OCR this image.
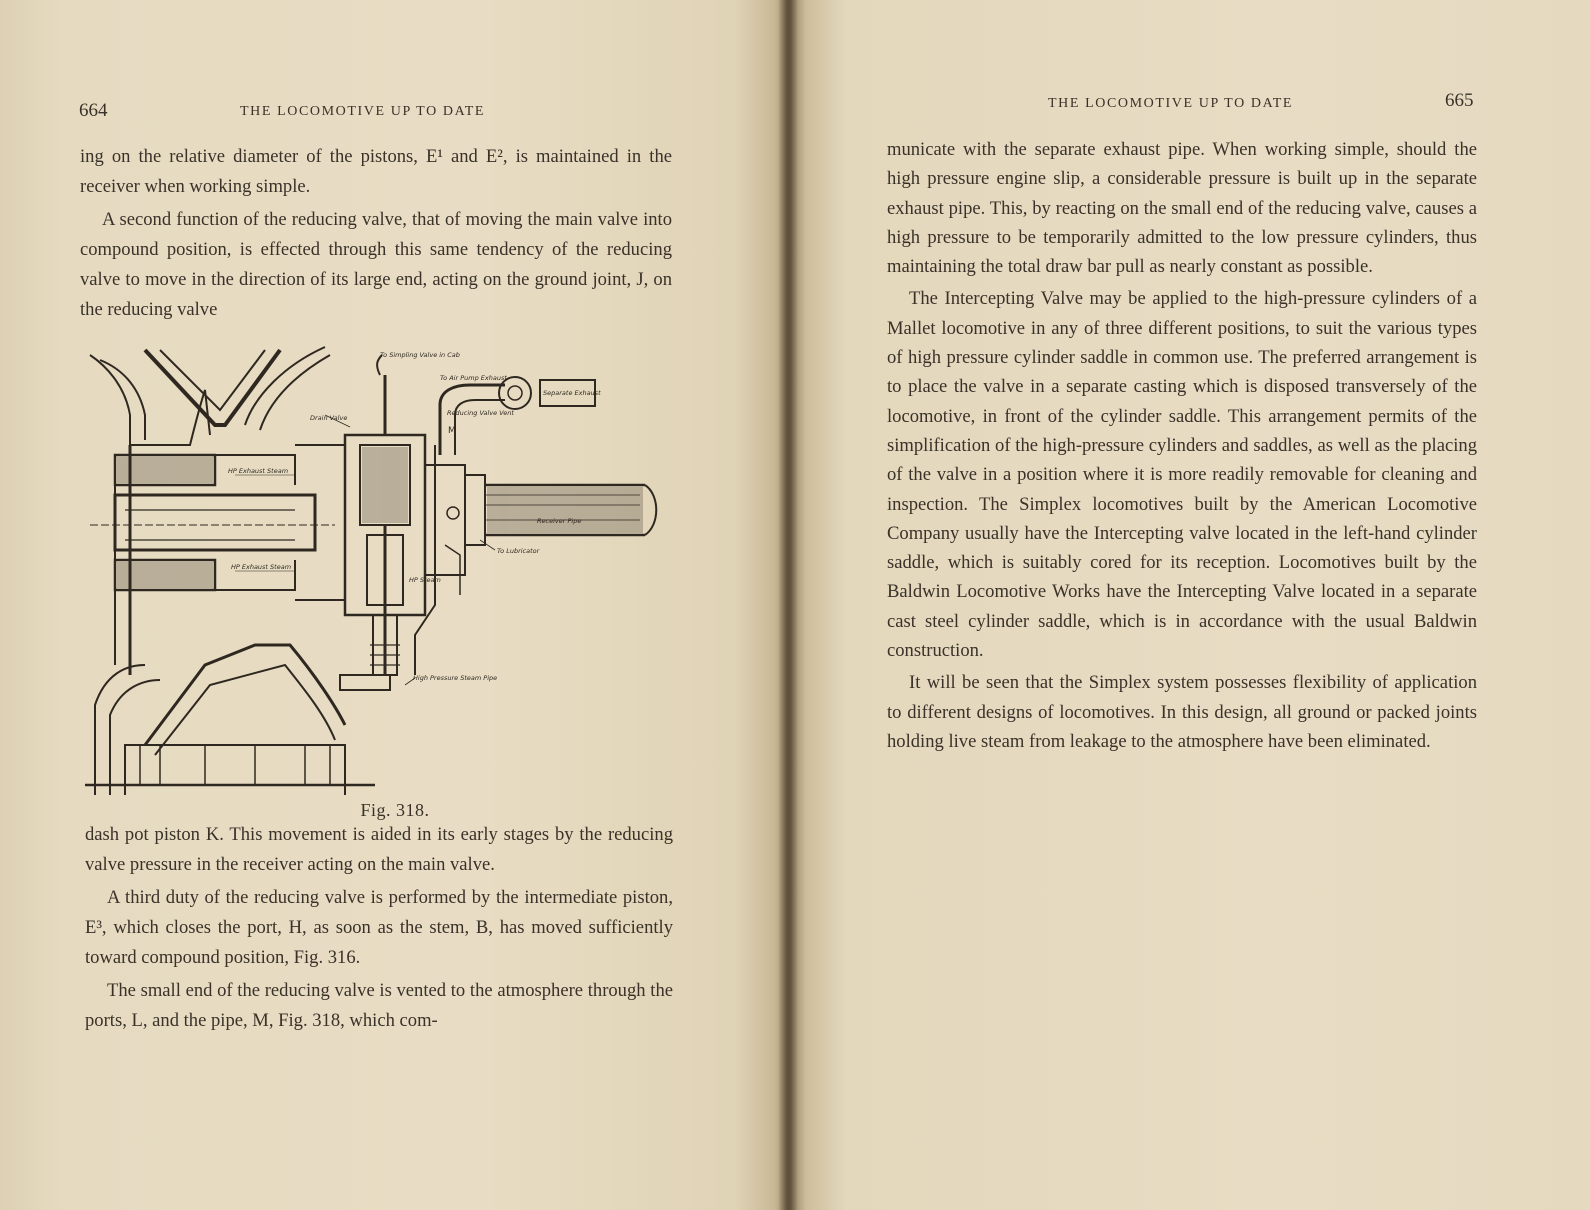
664	THE LOCOMOTIVE UP TO DATE

ing on the relative diameter of the pistons, E¹ and E², is maintained in the receiver when working simple.

A second function of the reducing valve, that of moving the main valve into compound position, is effected through this same tendency of the reducing valve to move in the direction of its large end, acting on the ground joint, J, on the reducing valve

To Simpling Valve in Cab
To Air Pump Exhaust
Separate Exhaust
Reducing Valve Vent
M
Drain Valve
HP Exhaust Steam
HP Exhaust Steam
Receiver Pipe
To Lubricator
HP Steam
High Pressure Steam Pipe
Fig. 318.

dash pot piston K. This movement is aided in its early stages by the reducing valve pressure in the receiver acting on the main valve.

A third duty of the reducing valve is performed by the intermediate piston, E³, which closes the port, H, as soon as the stem, B, has moved sufficiently toward compound position, Fig. 316.

The small end of the reducing valve is vented to the atmosphere through the ports, L, and the pipe, M, Fig. 318, which com-

THE LOCOMOTIVE UP TO DATE	665

municate with the separate exhaust pipe. When working simple, should the high pressure engine slip, a considerable pressure is built up in the separate exhaust pipe. This, by reacting on the small end of the reducing valve, causes a high pressure to be temporarily admitted to the low pressure cylinders, thus maintaining the total draw bar pull as nearly constant as possible.

The Intercepting Valve may be applied to the high-pressure cylinders of a Mallet locomotive in any of three different positions, to suit the various types of high pressure cylinder saddle in common use. The preferred arrangement is to place the valve in a separate casting which is disposed transversely of the locomotive, in front of the cylinder saddle. This arrangement permits of the simplification of the high-pressure cylinders and saddles, as well as the placing of the valve in a position where it is more readily removable for cleaning and inspection. The Simplex locomotives built by the American Locomotive Company usually have the Intercepting valve located in the left-hand cylinder saddle, which is suitably cored for its reception. Locomotives built by the Baldwin Locomotive Works have the Intercepting Valve located in a separate cast steel cylinder saddle, which is in accordance with the usual Baldwin construction.

It will be seen that the Simplex system possesses flexibility of application to different designs of locomotives. In this design, all ground or packed joints holding live steam from leakage to the atmosphere have been eliminated.
